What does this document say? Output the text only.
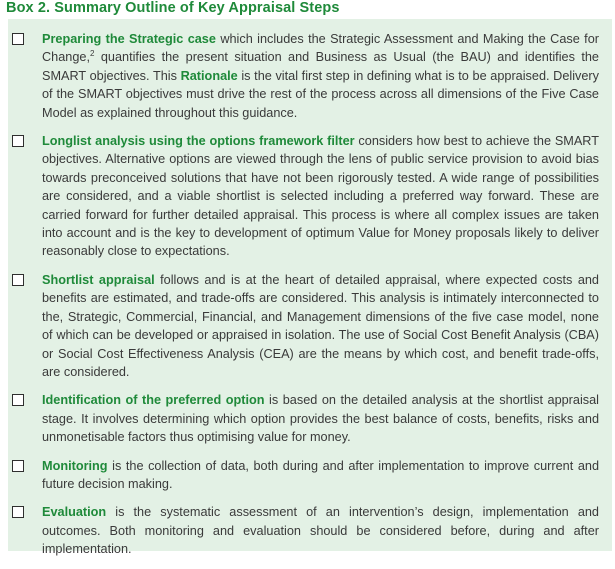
Box 2. Summary Outline of Key Appraisal Steps
Preparing the Strategic case which includes the Strategic Assessment and Making the Case for Change,$^2$ quantifies the present situation and Business as Usual (the BAU) and identifies the SMART objectives. This Rationale is the vital first step in defining what is to be appraised. Delivery of the SMART objectives must drive the rest of the process across all dimensions of the Five Case Model as explained throughout this guidance.
Longlist analysis using the options framework filter considers how best to achieve the SMART objectives. Alternative options are viewed through the lens of public service provision to avoid bias towards preconceived solutions that have not been rigorously tested. A wide range of possibilities are considered, and a viable shortlist is selected including a preferred way forward. These are carried forward for further detailed appraisal. This process is where all complex issues are taken into account and is the key to development of optimum Value for Money proposals likely to deliver reasonably close to expectations.
Shortlist appraisal follows and is at the heart of detailed appraisal, where expected costs and benefits are estimated, and trade-offs are considered. This analysis is intimately interconnected to the, Strategic, Commercial, Financial, and Management dimensions of the five case model, none of which can be developed or appraised in isolation. The use of Social Cost Benefit Analysis (CBA) or Social Cost Effectiveness Analysis (CEA) are the means by which cost, and benefit trade-offs, are considered.
Identification of the preferred option is based on the detailed analysis at the shortlist appraisal stage. It involves determining which option provides the best balance of costs, benefits, risks and unmonetisable factors thus optimising value for money.
Monitoring is the collection of data, both during and after implementation to improve current and future decision making.
Evaluation is the systematic assessment of an intervention’s design, implementation and outcomes. Both monitoring and evaluation should be considered before, during and after implementation.
